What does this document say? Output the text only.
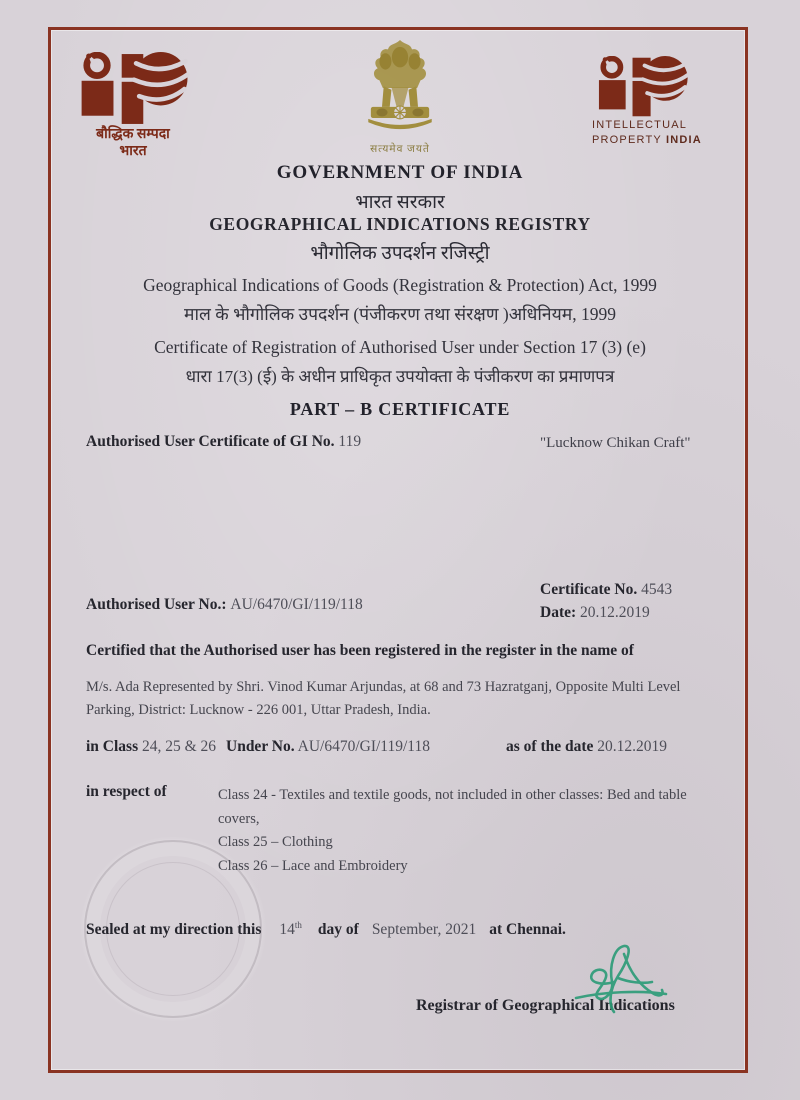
बौद्धिक सम्पदा
भारत	सत्यमेव जयते
INTELLECTUAL
PROPERTY INDIA
GOVERNMENT OF INDIA
भारत सरकार
GEOGRAPHICAL INDICATIONS REGISTRY
भौगोलिक उपदर्शन रजिस्ट्री
Geographical Indications of Goods (Registration & Protection) Act, 1999
माल के भौगोलिक उपदर्शन (पंजीकरण तथा संरक्षण )अधिनियम, 1999
Certificate of Registration of Authorised User under Section 17 (3) (e)
धारा 17(3) (ई) के अधीन प्राधिकृत उपयोक्ता के पंजीकरण का प्रमाणपत्र
PART – B CERTIFICATE
Authorised User Certificate of GI No. 119	"Lucknow Chikan Craft"
Certificate No. 4543
Date: 20.12.2019
Authorised User No.: AU/6470/GI/119/118
Certified that the Authorised user has been registered in the register in the name of
M/s. Ada Represented by Shri. Vinod Kumar Arjundas, at 68 and 73 Hazratganj, Opposite Multi Level Parking, District: Lucknow - 226 001, Uttar Pradesh, India.
in Class 24, 25 & 26 Under No. AU/6470/GI/119/118	as of the date 20.12.2019
in respect of	Class 24 - Textiles and textile goods, not included in other classes: Bed and table covers,
Class 25 – Clothing
Class 26 – Lace and Embroidery
Sealed at my direction this 14th day of September, 2021 at Chennai.
Registrar of Geographical Indications
